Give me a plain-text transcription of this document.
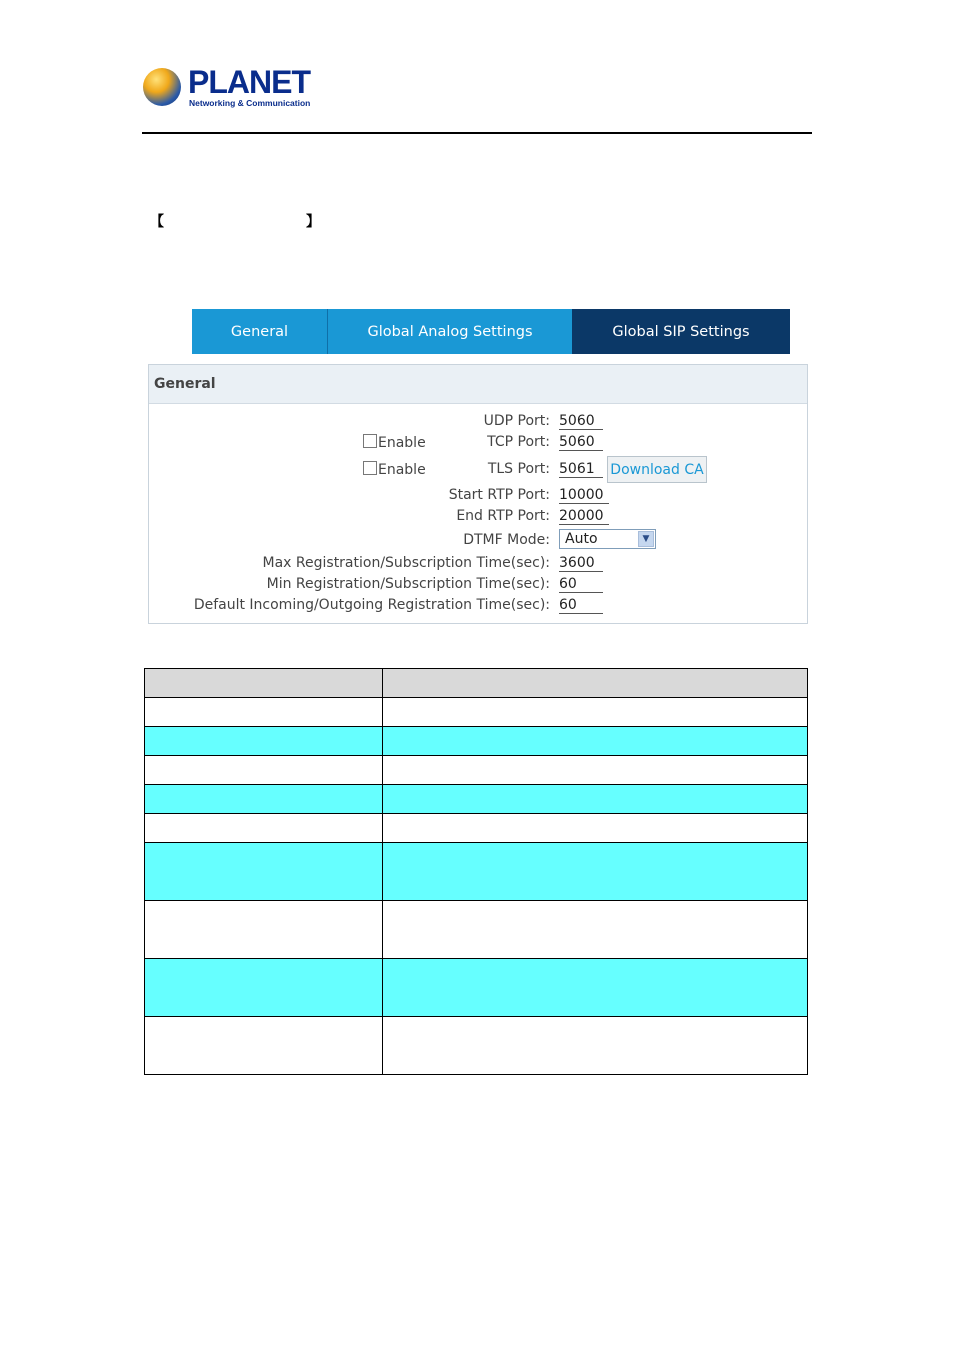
PLANET
Networking & Communication
【	】
General	Global Analog Settings	Global SIP Settings
General
UDP Port: 5060
Enable	TCP Port: 5060
Enable	TLS Port: 5061	Download CA
Start RTP Port: 10000
End RTP Port: 20000
DTMF Mode:	Auto	▼
Max Registration/Subscription Time(sec): 3600
Min Registration/Subscription Time(sec): 60
Default Incoming/Outgoing Registration Time(sec): 60
